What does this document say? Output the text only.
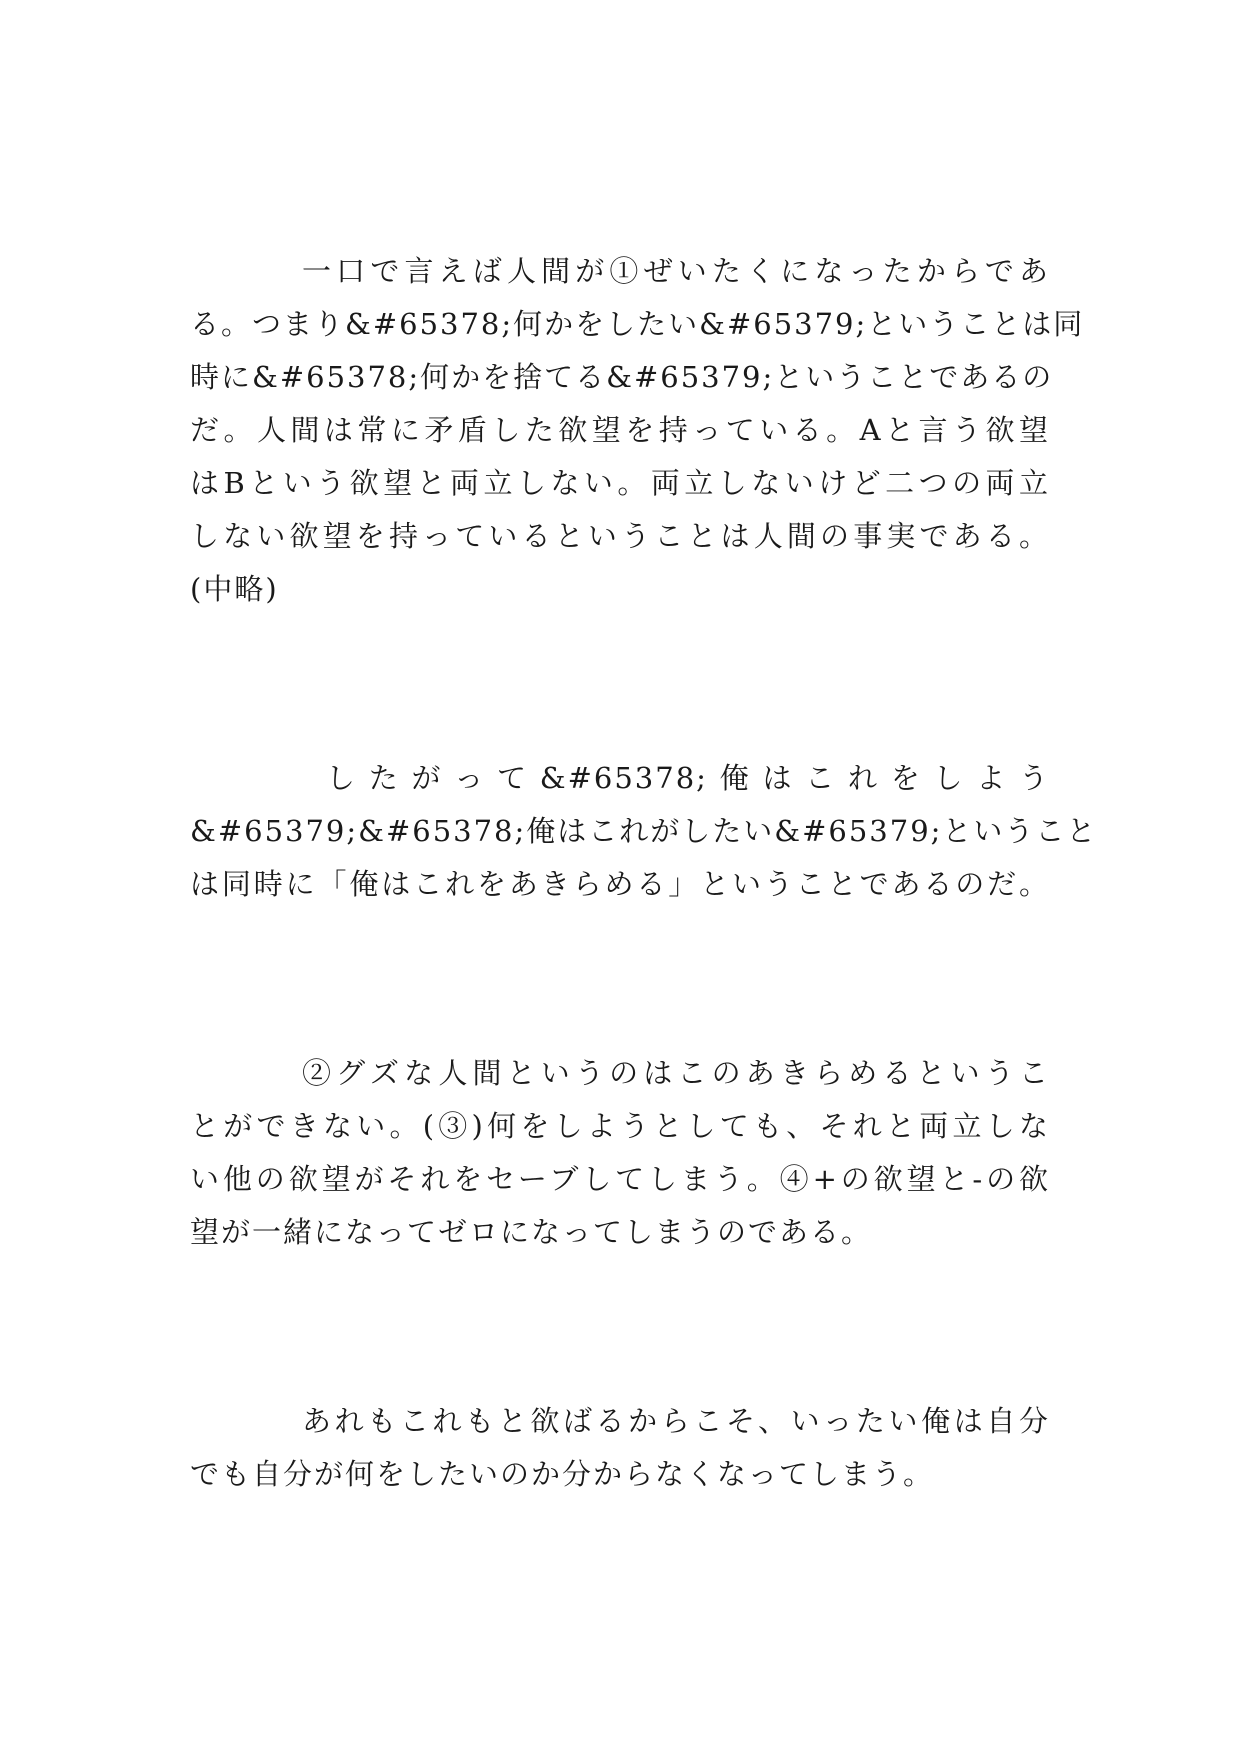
一口で言えば人間が①ぜいたくになったからであ
る。つまり&#65378;何かをしたい&#65379;ということは同
時に&#65378;何かを捨てる&#65379;ということであるの
だ。人間は常に矛盾した欲望を持っている。Aと言う欲望
はBという欲望と両立しない。両立しないけど二つの両立
しない欲望を持っているということは人間の事実である。
(中略)
したがって&#65378;俺はこれをしよう
&#65379;&#65378;俺はこれがしたい&#65379;ということ
は同時に「俺はこれをあきらめる」ということであるのだ。
②グズな人間というのはこのあきらめるというこ
とができない。(③)何をしようとしても、それと両立しな
い他の欲望がそれをセーブしてしまう。④+の欲望と-の欲
望が一緒になってゼロになってしまうのである。
あれもこれもと欲ばるからこそ、いったい俺は自分
でも自分が何をしたいのか分からなくなってしまう。
